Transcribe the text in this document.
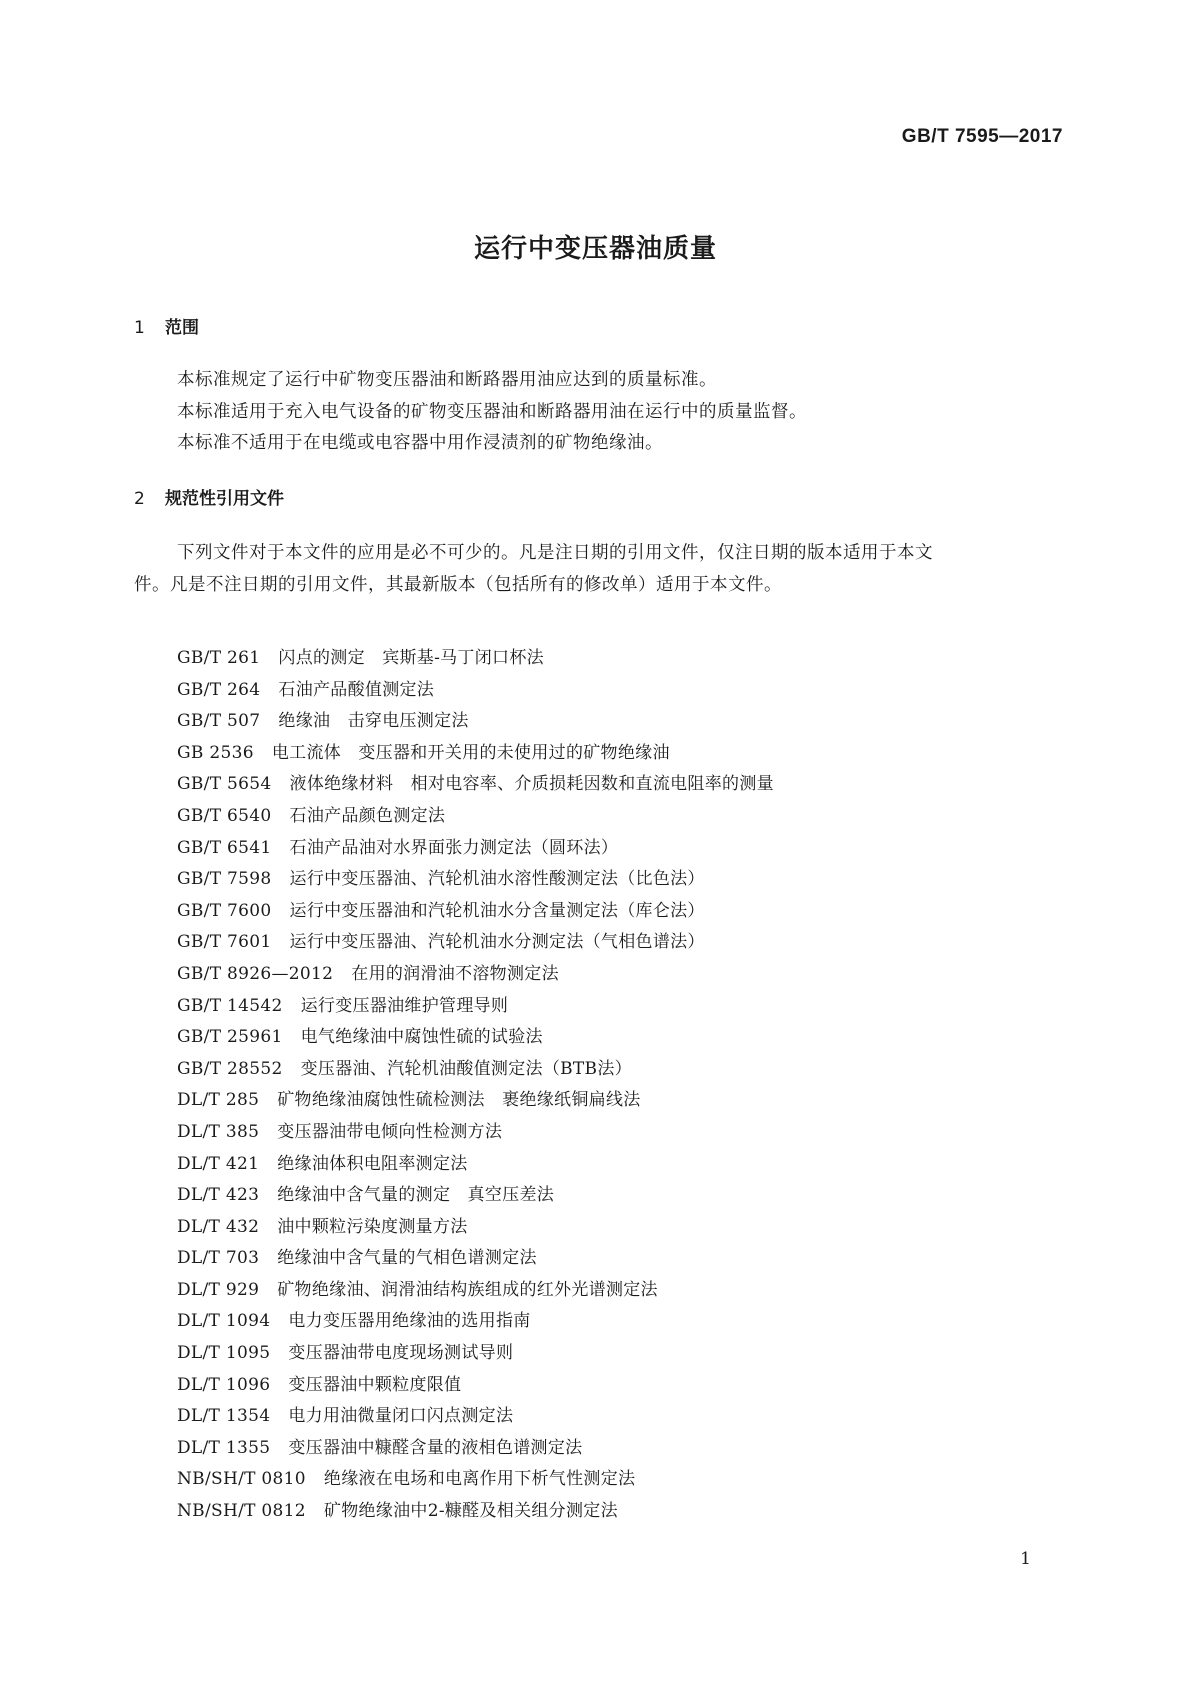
GB/T 7595—2017
运行中变压器油质量
1 范围

本标准规定了运行中矿物变压器油和断路器用油应达到的质量标准。

本标准适用于充入电气设备的矿物变压器油和断路器用油在运行中的质量监督。

本标准不适用于在电缆或电容器中用作浸渍剂的矿物绝缘油。

2 规范性引用文件
下列文件对于本文件的应用是必不可少的。凡是注日期的引用文件，仅注日期的版本适用于本文
件。凡是不注日期的引用文件，其最新版本（包括所有的修改单）适用于本文件。
GB/T 261 闪点的测定　宾斯基-马丁闭口杯法
GB/T 264 石油产品酸值测定法
GB/T 507 绝缘油　击穿电压测定法
GB 2536 电工流体　变压器和开关用的未使用过的矿物绝缘油
GB/T 5654 液体绝缘材料　相对电容率、介质损耗因数和直流电阻率的测量
GB/T 6540 石油产品颜色测定法
GB/T 6541 石油产品油对水界面张力测定法（圆环法）
GB/T 7598 运行中变压器油、汽轮机油水溶性酸测定法（比色法）
GB/T 7600 运行中变压器油和汽轮机油水分含量测定法（库仑法）
GB/T 7601 运行中变压器油、汽轮机油水分测定法（气相色谱法）
GB/T 8926—2012 在用的润滑油不溶物测定法
GB/T 14542 运行变压器油维护管理导则
GB/T 25961 电气绝缘油中腐蚀性硫的试验法
GB/T 28552 变压器油、汽轮机油酸值测定法（BTB法）
DL/T 285 矿物绝缘油腐蚀性硫检测法　裹绝缘纸铜扁线法
DL/T 385 变压器油带电倾向性检测方法
DL/T 421 绝缘油体积电阻率测定法
DL/T 423 绝缘油中含气量的测定　真空压差法
DL/T 432 油中颗粒污染度测量方法
DL/T 703 绝缘油中含气量的气相色谱测定法
DL/T 929 矿物绝缘油、润滑油结构族组成的红外光谱测定法
DL/T 1094 电力变压器用绝缘油的选用指南
DL/T 1095 变压器油带电度现场测试导则
DL/T 1096 变压器油中颗粒度限值
DL/T 1354 电力用油微量闭口闪点测定法
DL/T 1355 变压器油中糠醛含量的液相色谱测定法
NB/SH/T 0810 绝缘液在电场和电离作用下析气性测定法
NB/SH/T 0812 矿物绝缘油中2-糠醛及相关组分测定法
1
